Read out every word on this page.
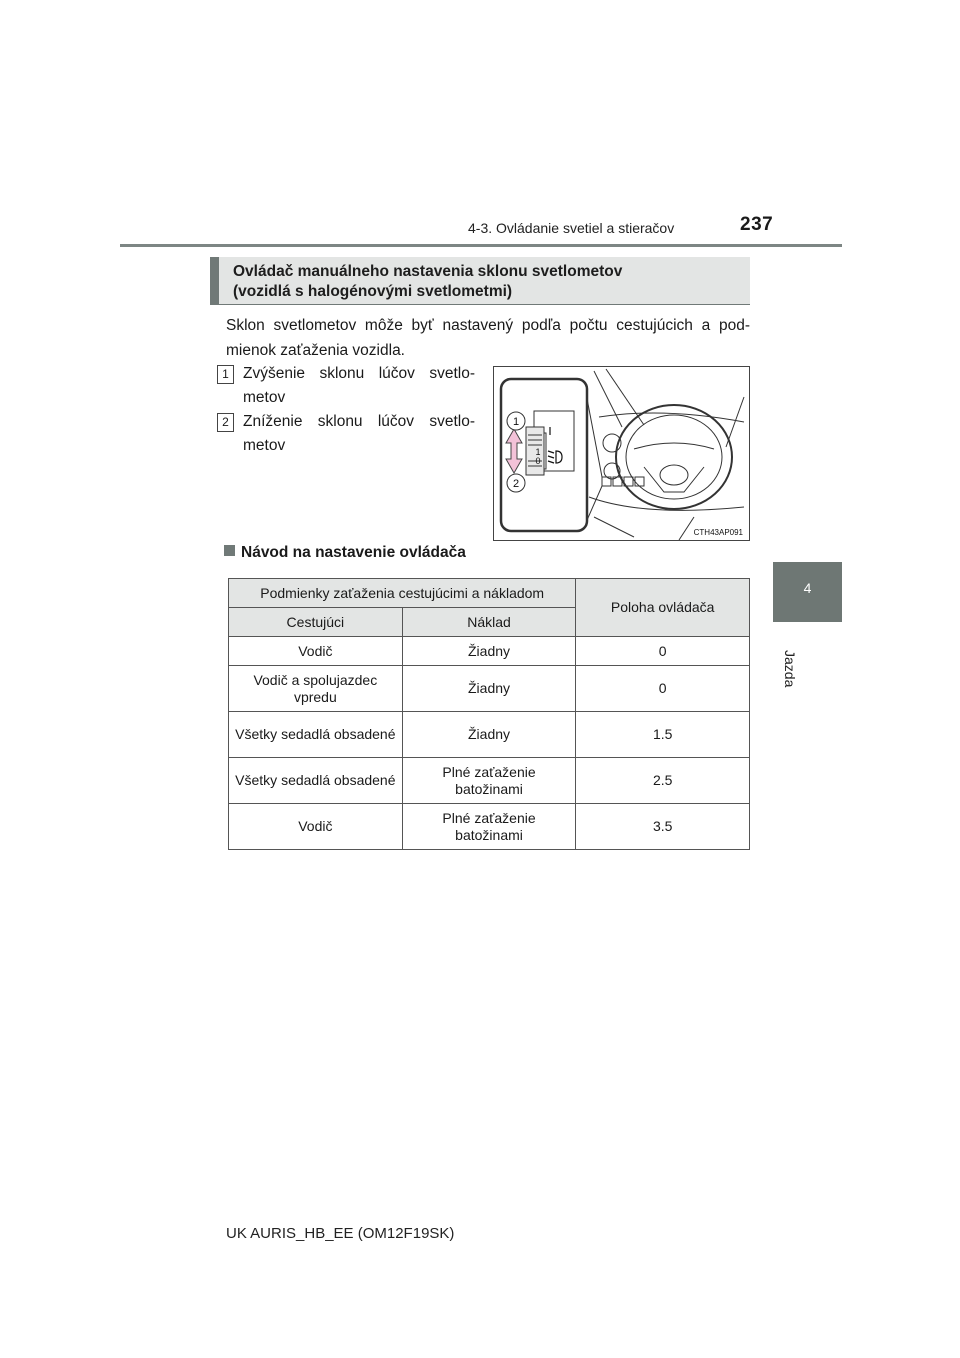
4-3. Ovládanie svetiel a stieračov	237
4
Jazda
Ovládač manuálneho nastavenia sklonu svetlometov
(vozidlá s halogénovými svetlometmi)
Sklon svetlometov môže byť nastavený podľa počtu cestujúcich a pod-mienok zaťaženia vozidla.
1 Zvýšenie sklonu lúčov svetlo-metov
2 Zníženie sklonu lúčov svetlo-metov	1
0
1
2
CTH43AP091
Návod na nastavenie ovládača
Podmienky zaťaženia cestujúcimi a nákladom		Poloha ovládača
Cestujúci	Náklad	
Vodič	Žiadny	0
Vodič a spolujazdec vpredu	Žiadny	0
Všetky sedadlá obsadené	Žiadny	1.5
Všetky sedadlá obsadené	Plné zaťaženie batožinami	2.5
Vodič	Plné zaťaženie batožinami	3.5
UK AURIS_HB_EE (OM12F19SK)
